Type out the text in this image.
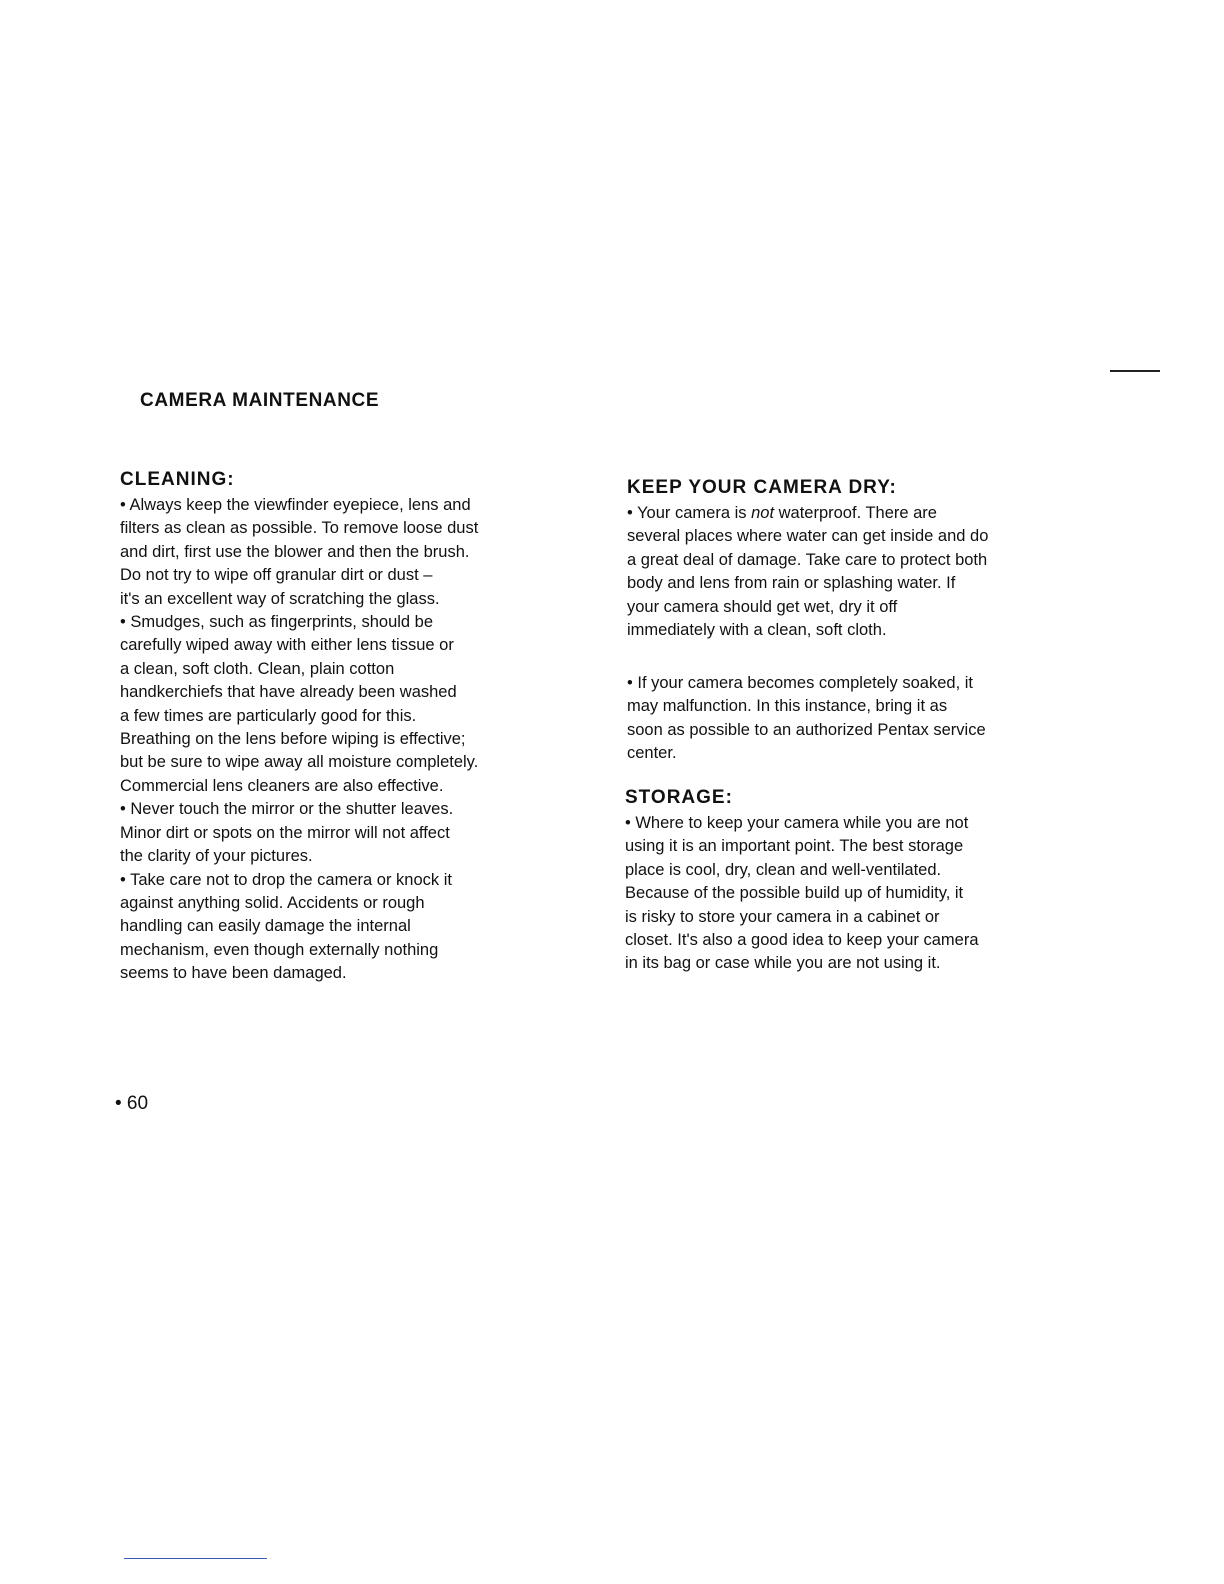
CAMERA MAINTENANCE
CLEANING:

• Always keep the viewfinder eyepiece, lens and
filters as clean as possible. To remove loose dust
and dirt, first use the blower and then the brush.
Do not try to wipe off granular dirt or dust –
it's an excellent way of scratching the glass.
• Smudges, such as fingerprints, should be
carefully wiped away with either lens tissue or
a clean, soft cloth. Clean, plain cotton
handkerchiefs that have already been washed
a few times are particularly good for this.
Breathing on the lens before wiping is effective;
but be sure to wipe away all moisture completely.
Commercial lens cleaners are also effective.
• Never touch the mirror or the shutter leaves.
Minor dirt or spots on the mirror will not affect
the clarity of your pictures.
• Take care not to drop the camera or knock it
against anything solid. Accidents or rough
handling can easily damage the internal
mechanism, even though externally nothing
seems to have been damaged.

KEEP YOUR CAMERA DRY:

• Your camera is not waterproof. There are
several places where water can get inside and do
a great deal of damage. Take care to protect both
body and lens from rain or splashing water. If
your camera should get wet, dry it off
immediately with a clean, soft cloth.

• If your camera becomes completely soaked, it
may malfunction. In this instance, bring it as
soon as possible to an authorized Pentax service
center.

STORAGE:

• Where to keep your camera while you are not
using it is an important point. The best storage
place is cool, dry, clean and well-ventilated.
Because of the possible build up of humidity, it
is risky to store your camera in a cabinet or
closet. It's also a good idea to keep your camera
in its bag or case while you are not using it.

• 60
